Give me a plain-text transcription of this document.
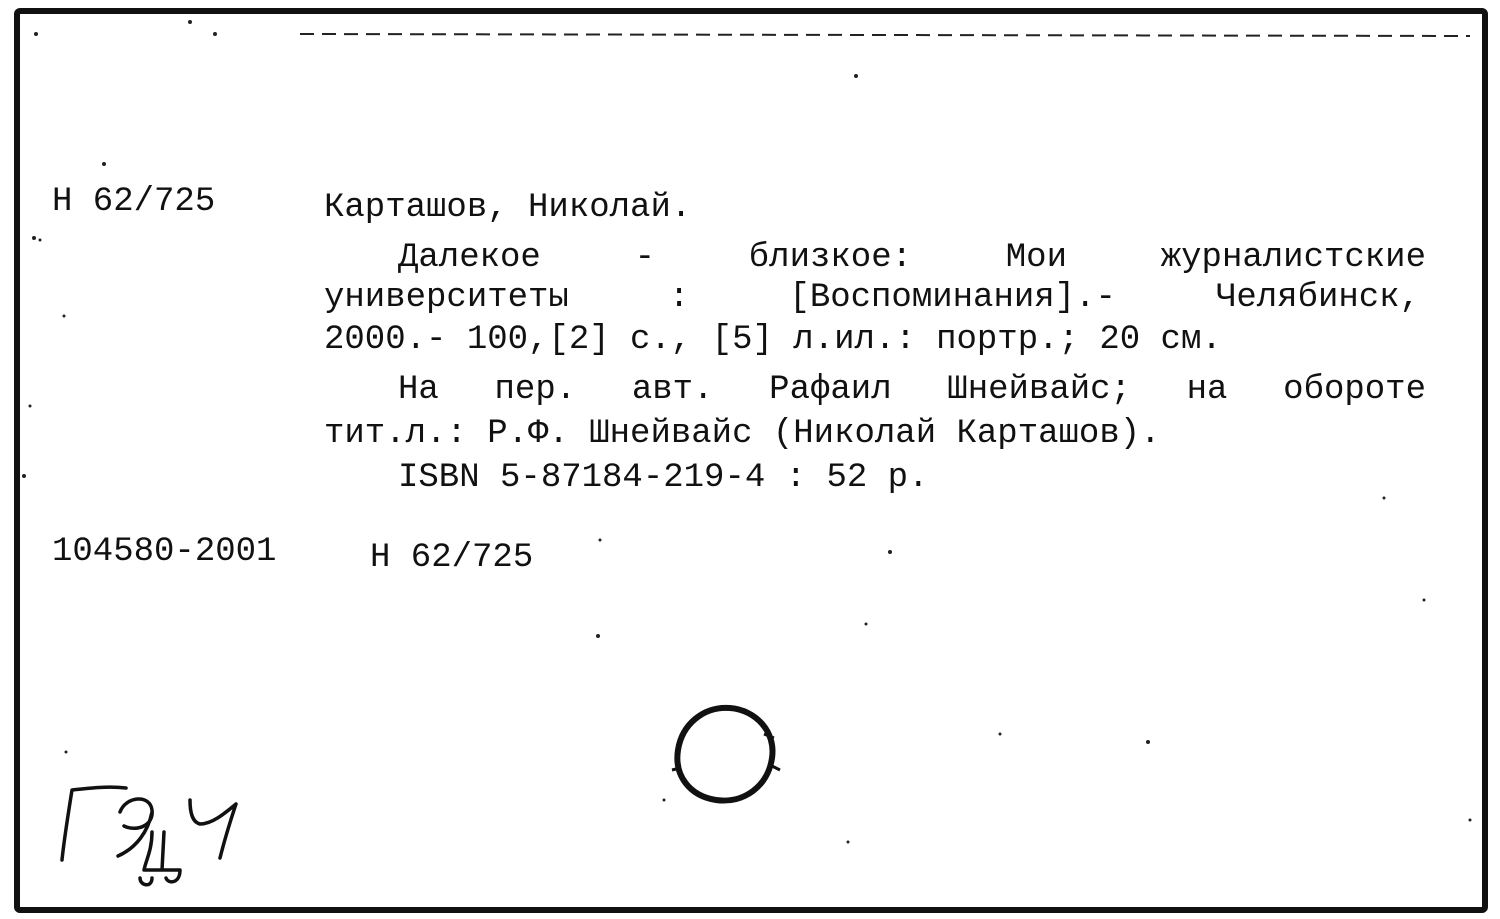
Н 62/725	Карташов, Николай.
Далекое - близкое: Мои журналистские
университеты : [Воспоминания].- Челябинск,
2000.- 100,[2] с., [5] л.ил.: портр.; 20 см.
На пер. авт. Рафаил Шнейвайс; на обороте
тит.л.: Р.Ф. Шнейвайс (Николай Карташов).
ISBN 5-87184-219-4 : 52 р.
104580-2001	Н 62/725
